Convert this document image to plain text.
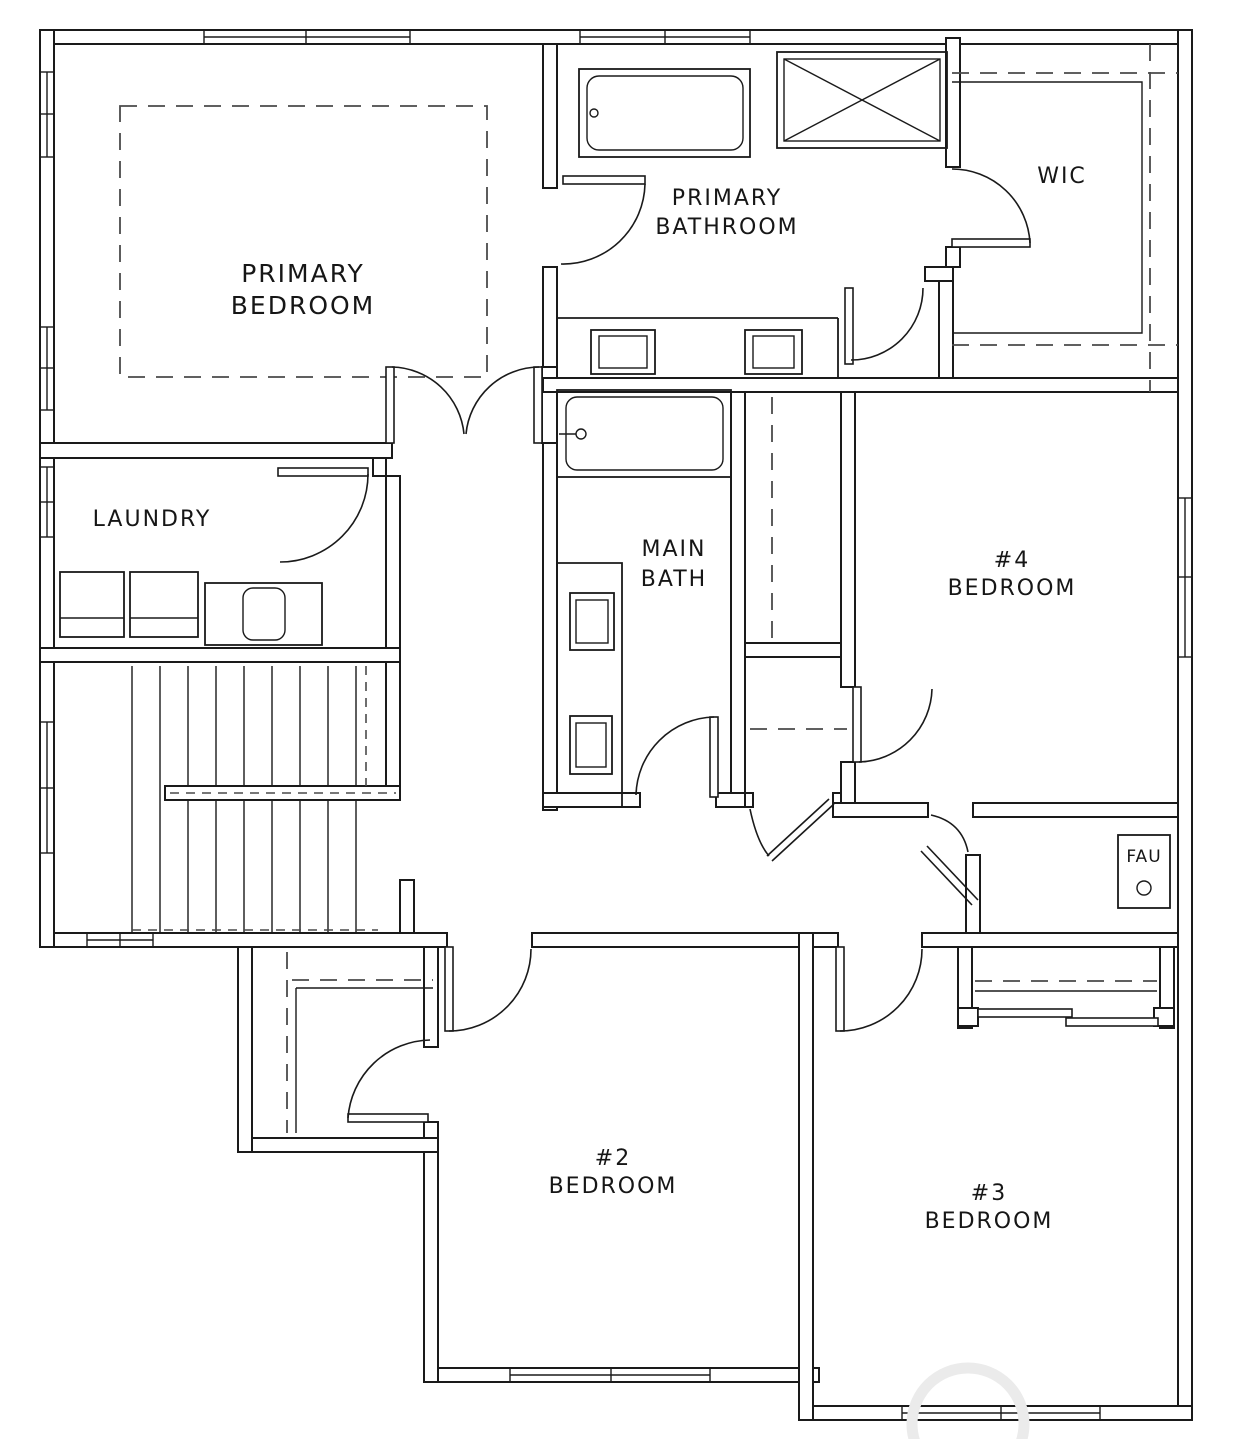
PRIMARY
BEDROOM
PRIMARY
BATHROOM
WIC
LAUNDRY
MAIN
BATH
#4
BEDROOM
#2
BEDROOM	#3
BEDROOM
FAU
